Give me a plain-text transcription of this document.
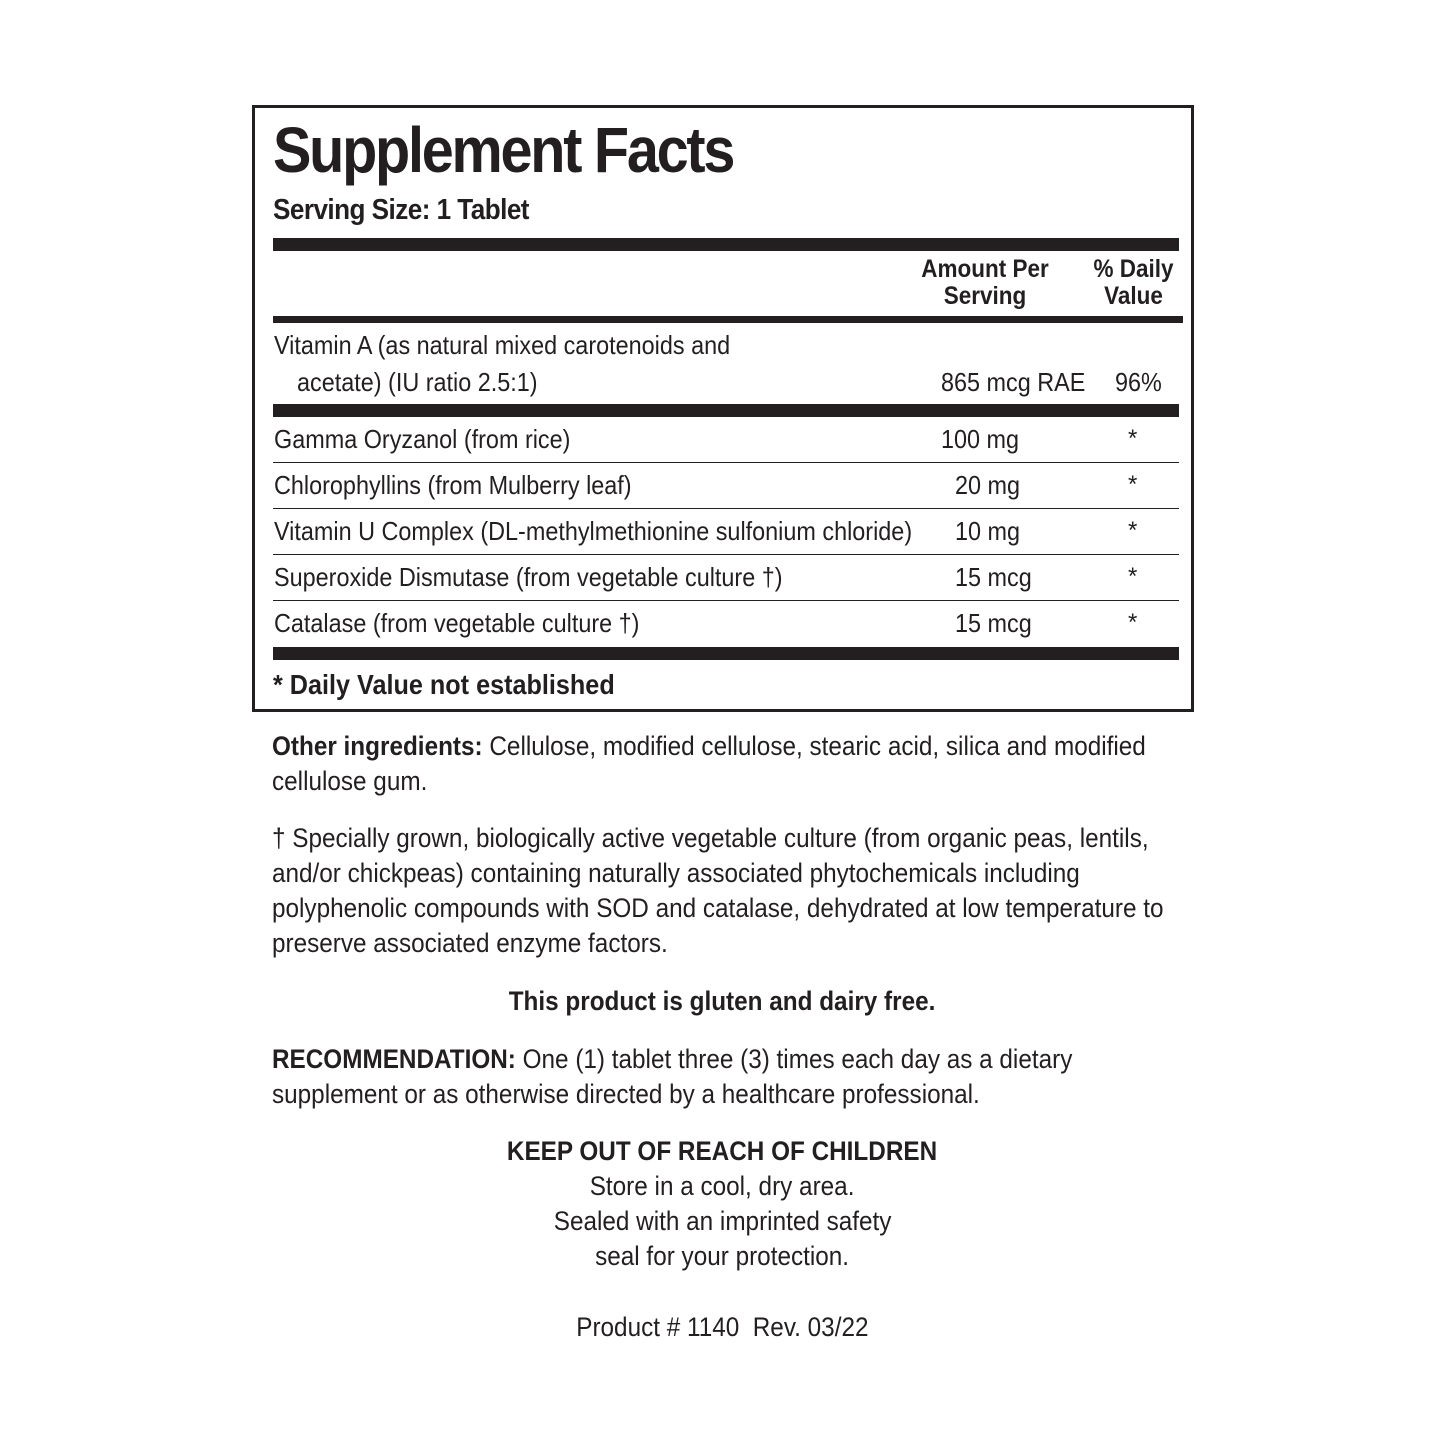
Supplement Facts
Serving Size: 1 Tablet
Amount Per
Serving
% Daily
Value
Vitamin A (as natural mixed carotenoids and
acetate) (IU ratio 2.5:1)	865 mcg RAE 96%
Gamma Oryzanol (from rice)	100 mg	*
Chlorophyllins (from Mulberry leaf)	20 mg	*
Vitamin U Complex (DL-methylmethionine sulfonium chloride) 10 mg	*
Superoxide Dismutase (from vegetable culture †)	15 mcg	*
Catalase (from vegetable culture †)	15 mcg	*
* Daily Value not established
Other ingredients: Cellulose, modified cellulose, stearic acid, silica and modified cellulose gum.
† Specially grown, biologically active vegetable culture (from organic peas, lentils, and/or chickpeas) containing naturally associated phytochemicals including polyphenolic compounds with SOD and catalase, dehydrated at low temperature to preserve associated enzyme factors.
This product is gluten and dairy free.
RECOMMENDATION: One (1) tablet three (3) times each day as a dietary supplement or as otherwise directed by a healthcare professional.
KEEP OUT OF REACH OF CHILDREN
Store in a cool, dry area.
Sealed with an imprinted safety
seal for your protection.
Product # 1140  Rev. 03/22
